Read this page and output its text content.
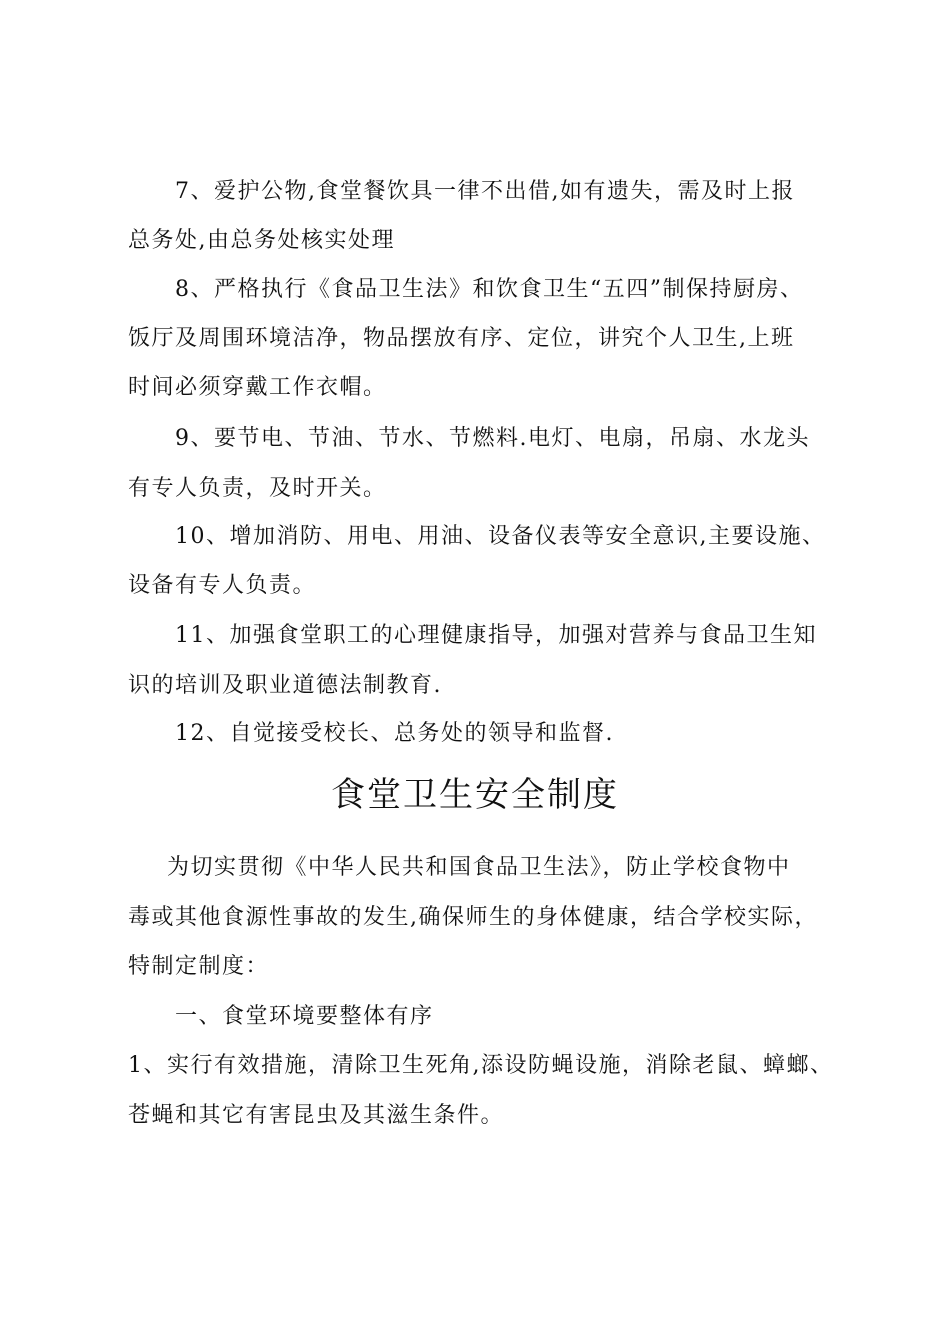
7、爱护公物,食堂餐饮具一律不出借,如有遗失，需及时上报
总务处,由总务处核实处理
8、严格执行《食品卫生法》和饮食卫生“五四”制保持厨房、
饭厅及周围环境洁净，物品摆放有序、定位，讲究个人卫生,上班
时间必须穿戴工作衣帽。
9、要节电、节油、节水、节燃料.电灯、电扇，吊扇、水龙头
有专人负责，及时开关。
10、增加消防、用电、用油、设备仪表等安全意识,主要设施、
设备有专人负责。
11、加强食堂职工的心理健康指导，加强对营养与食品卫生知
识的培训及职业道德法制教育.
12、自觉接受校长、总务处的领导和监督.
食堂卫生安全制度
为切实贯彻《中华人民共和国食品卫生法》，防止学校食物中
毒或其他食源性事故的发生,确保师生的身体健康，结合学校实际，
特制定制度：
一、食堂环境要整体有序
1、实行有效措施，清除卫生死角,添设防蝇设施，消除老鼠、蟑螂、
苍蝇和其它有害昆虫及其滋生条件。
